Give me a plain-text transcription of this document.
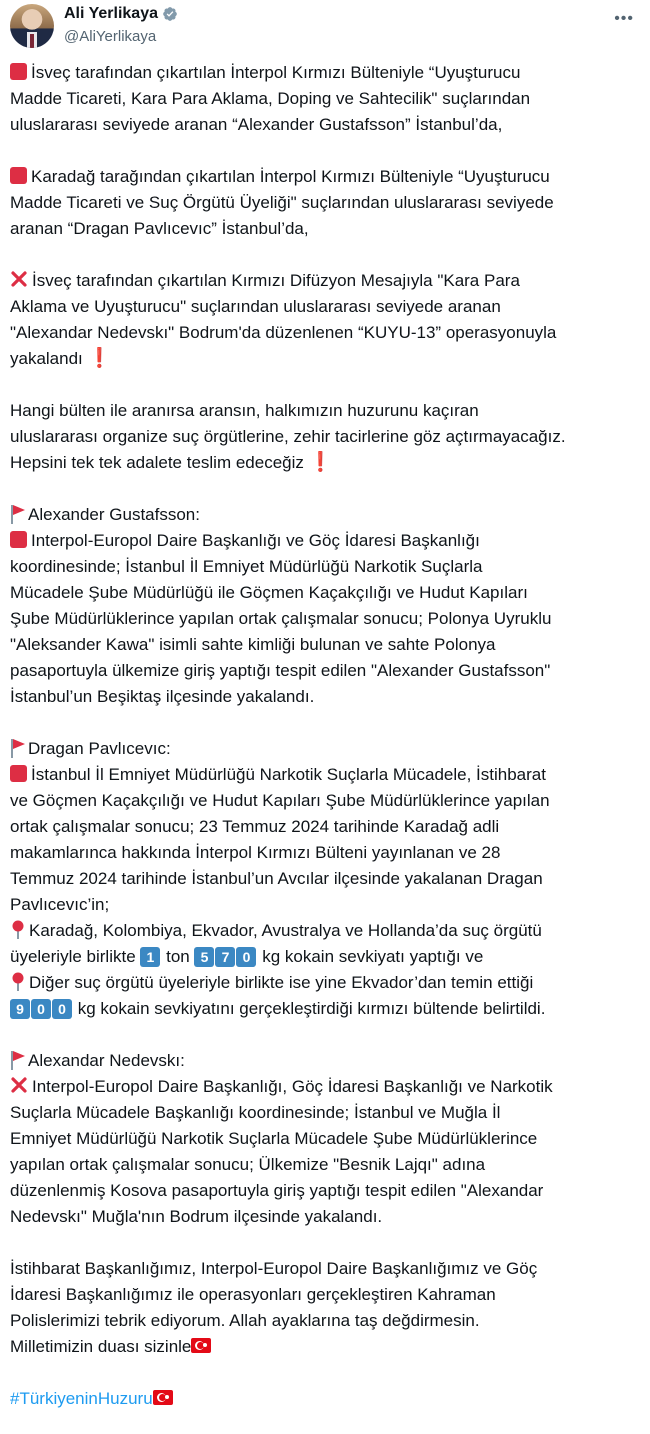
Ali Yerlikaya
@AliYerlikaya
•••
İsveç tarafından çıkartılan İnterpol Kırmızı Bülteniyle “Uyuşturucu
Madde Ticareti, Kara Para Aklama, Doping ve Sahtecilik" suçlarından
uluslararası seviyede aranan “Alexander Gustafsson” İstanbul’da,
Karadağ tarağından çıkartılan İnterpol Kırmızı Bülteniyle “Uyuşturucu
Madde Ticareti ve Suç Örgütü Üyeliği" suçlarından uluslararası seviyede
aranan “Dragan Pavlıcevıc” İstanbul’da,
İsveç tarafından çıkartılan Kırmızı Difüzyon Mesajıyla "Kara Para
Aklama ve Uyuşturucu" suçlarından uluslararası seviyede aranan
"Alexandar Nedevskı" Bodrum'da düzenlenen “KUYU-13” operasyonuyla
yakalandı ❗
Hangi bülten ile aranırsa aransın, halkımızın huzurunu kaçıran
uluslararası organize suç örgütlerine, zehir tacirlerine göz açtırmayacağız.
Hepsini tek tek adalete teslim edeceğiz ❗
Alexander Gustafsson:
Interpol-Europol Daire Başkanlığı ve Göç İdaresi Başkanlığı
koordinesinde; İstanbul İl Emniyet Müdürlüğü Narkotik Suçlarla
Mücadele Şube Müdürlüğü ile Göçmen Kaçakçılığı ve Hudut Kapıları
Şube Müdürlüklerince yapılan ortak çalışmalar sonucu; Polonya Uyruklu
"Aleksander Kawa" isimli sahte kimliği bulunan ve sahte Polonya
pasaportuyla ülkemize giriş yaptığı tespit edilen "Alexander Gustafsson"
İstanbul’un Beşiktaş ilçesinde yakalandı.
Dragan Pavlıcevıc:
İstanbul İl Emniyet Müdürlüğü Narkotik Suçlarla Mücadele, İstihbarat
ve Göçmen Kaçakçılığı ve Hudut Kapıları Şube Müdürlüklerince yapılan
ortak çalışmalar sonucu; 23 Temmuz 2024 tarihinde Karadağ adli
makamlarınca hakkında İnterpol Kırmızı Bülteni yayınlanan ve 28
Temmuz 2024 tarihinde İstanbul’un Avcılar ilçesinde yakalanan Dragan
Pavlıcevıc’in;
Karadağ, Kolombiya, Ekvador, Avustralya ve Hollanda’da suç örgütü
üyeleriyle birlikte 1 ton 5 7 0 kg kokain sevkiyatı yaptığı ve
Diğer suç örgütü üyeleriyle birlikte ise yine Ekvador’dan temin ettiği
9 0 0 kg kokain sevkiyatını gerçekleştirdiği kırmızı bültende belirtildi.
Alexandar Nedevskı:
Interpol-Europol Daire Başkanlığı, Göç İdaresi Başkanlığı ve Narkotik
Suçlarla Mücadele Başkanlığı koordinesinde; İstanbul ve Muğla İl
Emniyet Müdürlüğü Narkotik Suçlarla Mücadele Şube Müdürlüklerince
yapılan ortak çalışmalar sonucu; Ülkemize "Besnik Lajqı" adına
düzenlenmiş Kosova pasaportuyla giriş yaptığı tespit edilen "Alexandar
Nedevskı" Muğla'nın Bodrum ilçesinde yakalandı.
İstihbarat Başkanlığımız, Interpol-Europol Daire Başkanlığımız ve Göç
İdaresi Başkanlığımız ile operasyonları gerçekleştiren Kahraman
Polislerimizi tebrik ediyorum. Allah ayaklarına taş değdirmesin.
Milletimizin duası sizinle
#TürkiyeninHuzuru
